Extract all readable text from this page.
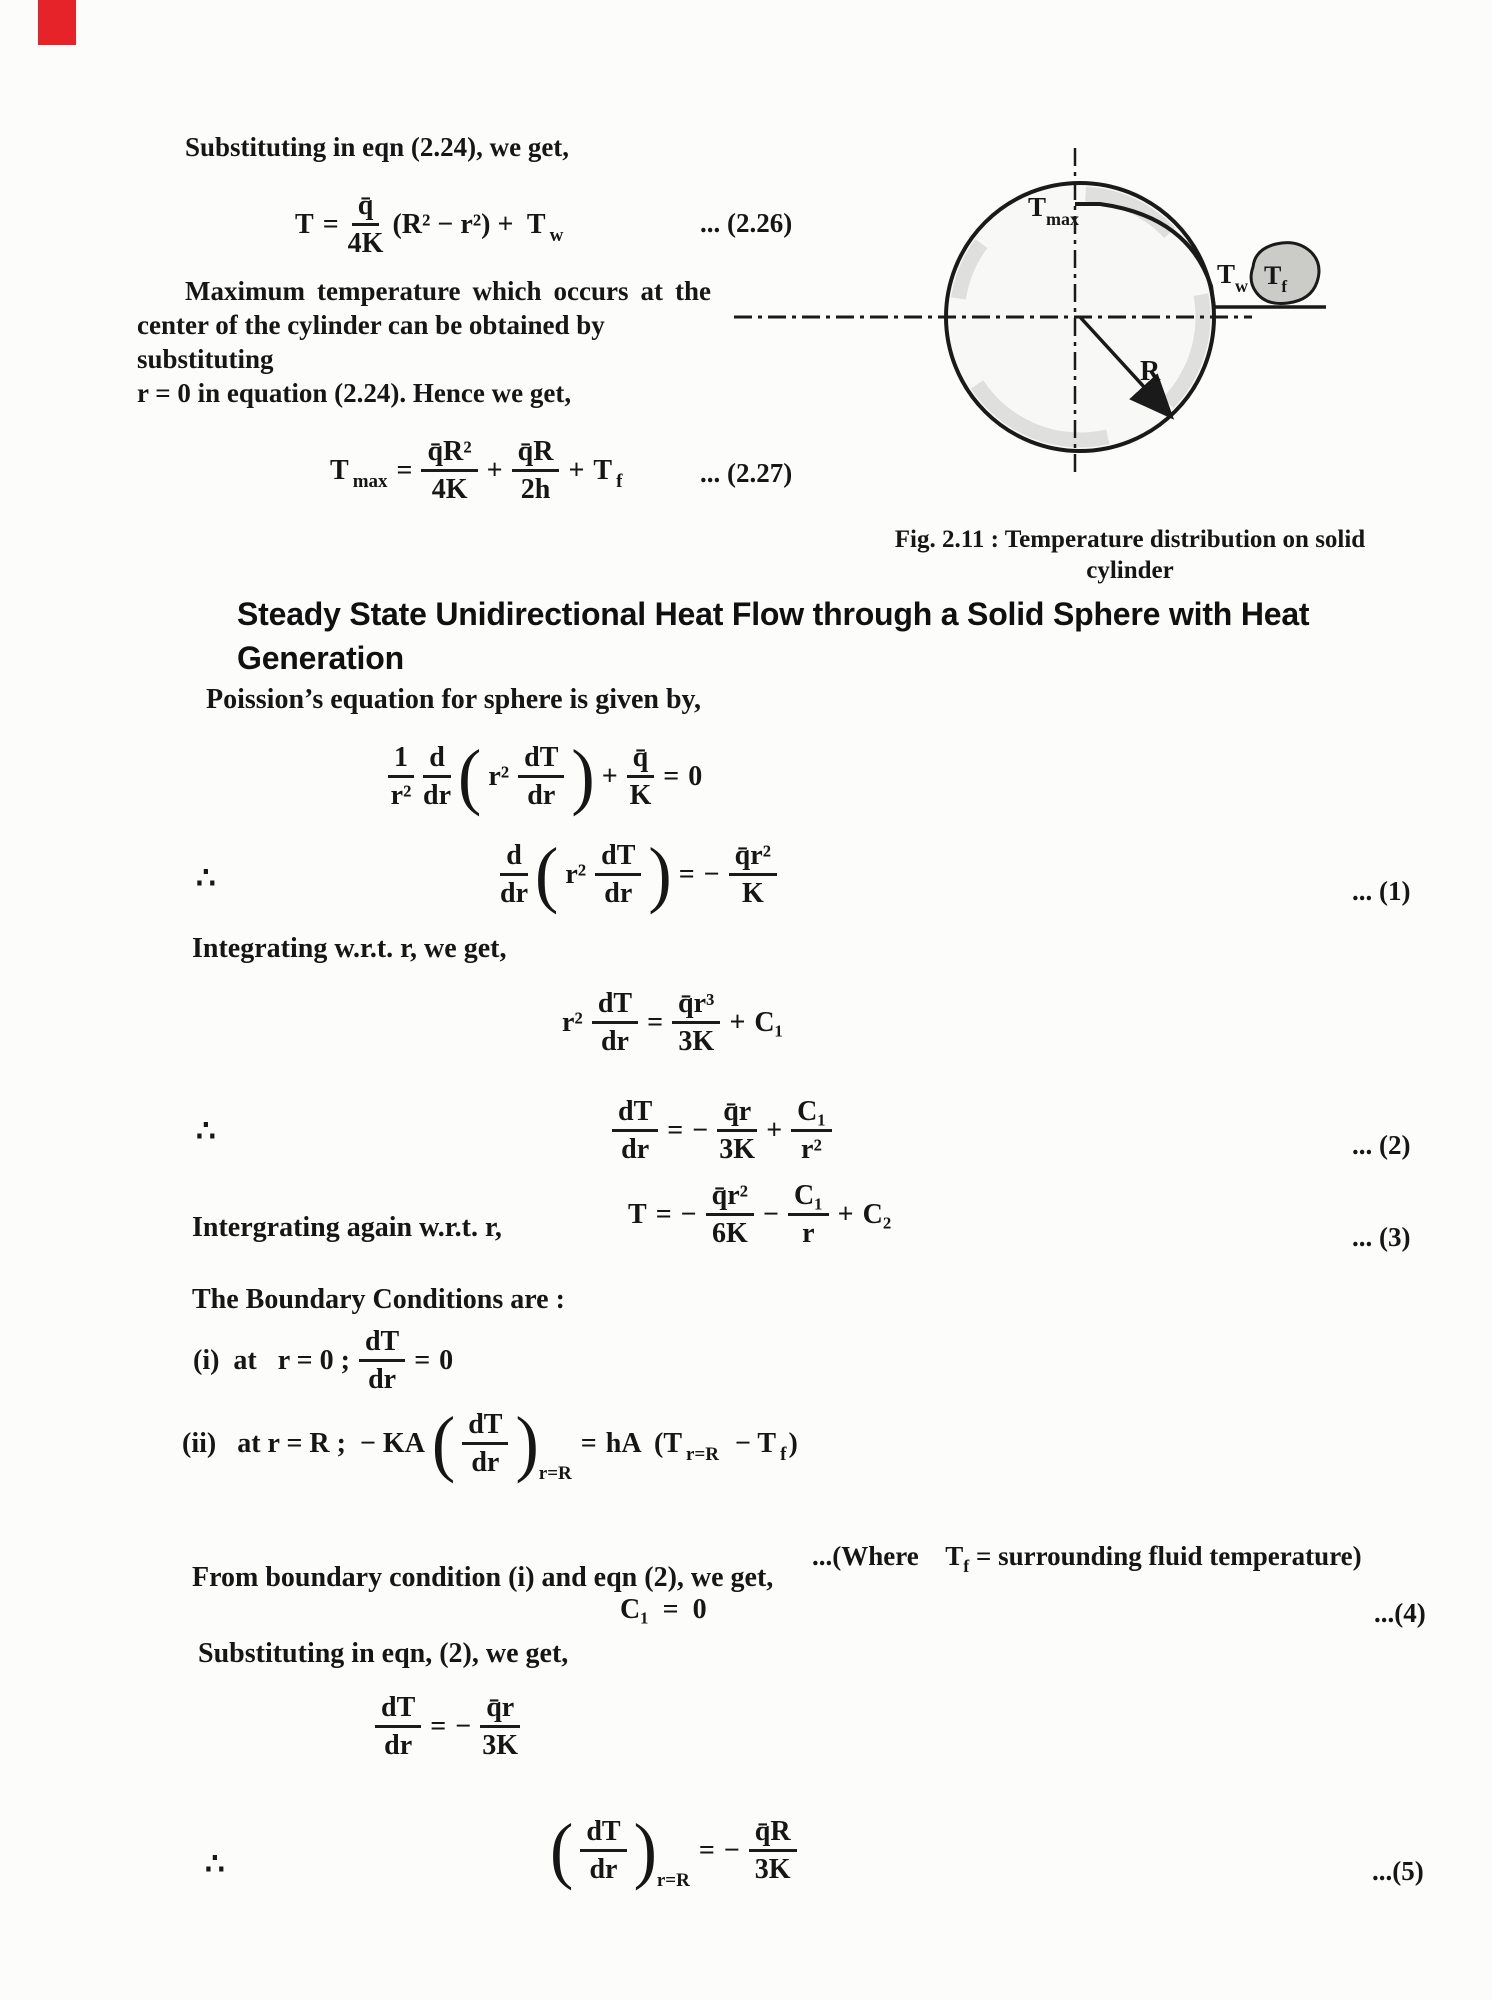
Substituting in eqn (2.24), we get,
$T = \frac{q̄}{4K} (R^2 - r^2) + T$ w	... (2.26)
Maximum temperature which occurs at the
center of the cylinder can be obtained by substituting
r = 0 in equation (2.24). Hence we get,
T $\max = \frac{\text{q̄R²}}{4K} + \frac{q̄R}{2h} + T$ f	... (2.27)
$T_{max}$
$T_w$ $T_f$
R
Fig. 2.11 : Temperature distribution on solid
cylinder
Steady State Unidirectional Heat Flow through a Solid Sphere with Heat
Generation
Poission’s equation for sphere is given by,
$\frac{1}{\text{r²}} \frac{d}{dr}$ ( $r^2 \frac{dT}{dr}$ ) + $\frac{q̄}{K} = 0$
∴	$\frac{d}{dr}$ ( $r^2 \frac{dT}{dr}$ ) = − $\frac{\text{q̄r²}}{K}$	... (1)
Integrating w.r.t. r, we get,
$r^2 \frac{dT}{dr} = \frac{\text{q̄r³}}{3K} + C_1$
∴	$\frac{dT}{dr}$ = − $\frac{q̄r}{3K} + \frac{\text{C₁}}{\text{r²}}$	... (2)
Intergrating again w.r.t. r,	T = − $\frac{\text{q̄r²}}{6K} - \frac{\text{C₁}}{r} + C_2$
... (3)
The Boundary Conditions are :
(i)  at   r = 0 ; $\frac{dT}{dr} = 0$
(ii)   at r = R ;  − KA ( $\frac{dT}{dr}$ ) r=R
= hA  (T r=R − T f )

...(Where    $T_f$ = surrounding fluid temperature)

From boundary condition (i) and eqn (2), we get,
C₁ = 0	...(4)
Substituting in eqn, (2), we get,
$\frac{dT}{dr}$ = − $\frac{q̄r}{3K}$
∴	( $\frac{dT}{dr}$ ) r=R
= − $\frac{q̄R}{3K}$	...(5)
